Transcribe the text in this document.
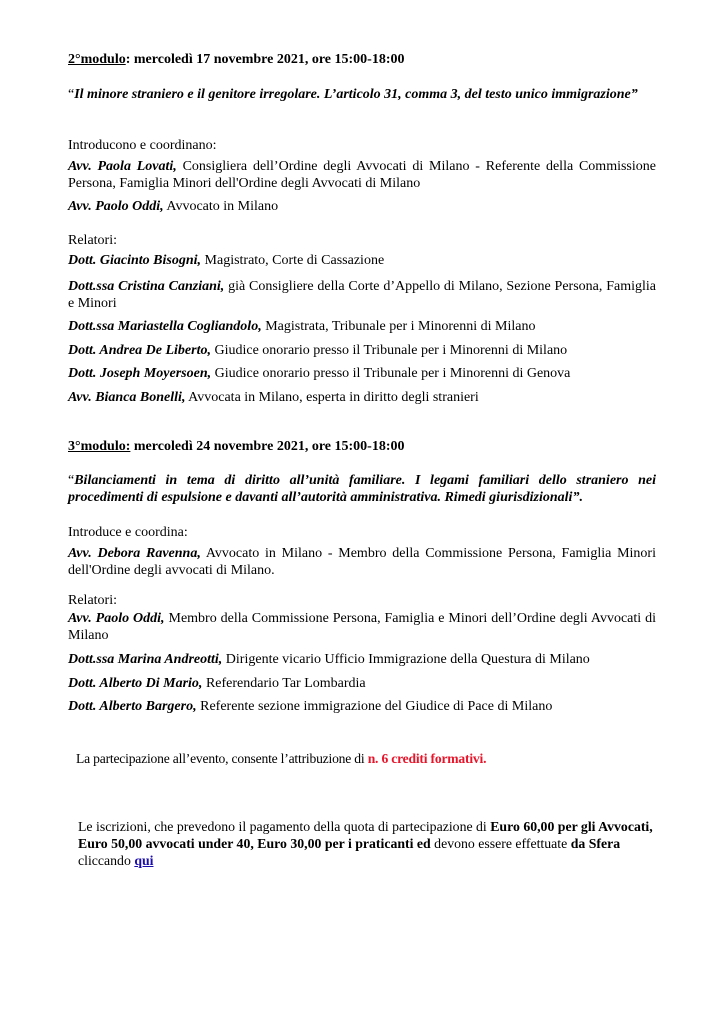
2°modulo: mercoledì 17 novembre 2021, ore 15:00-18:00
“Il minore straniero e il genitore irregolare. L’articolo 31, comma 3, del testo unico immigrazione”
Introducono e coordinano:
Avv. Paola Lovati, Consigliera dell’Ordine degli Avvocati di Milano - Referente della Commissione Persona, Famiglia Minori dell'Ordine degli Avvocati di Milano
Avv. Paolo Oddi, Avvocato in Milano
Relatori:
Dott. Giacinto Bisogni, Magistrato, Corte di Cassazione
Dott.ssa Cristina Canziani, già Consigliere della Corte d’Appello di Milano, Sezione Persona, Famiglia e Minori
Dott.ssa Mariastella Cogliandolo, Magistrata, Tribunale per i Minorenni di Milano
Dott. Andrea De Liberto, Giudice onorario presso il Tribunale per i Minorenni di Milano
Dott. Joseph Moyersoen, Giudice onorario presso il Tribunale per i Minorenni di Genova
Avv. Bianca Bonelli, Avvocata in Milano, esperta in diritto degli stranieri
3°modulo: mercoledì 24 novembre 2021, ore 15:00-18:00
“Bilanciamenti in tema di diritto all’unità familiare. I legami familiari dello straniero nei procedimenti di espulsione e davanti all’autorità amministrativa. Rimedi giurisdizionali”.
Introduce e coordina:
Avv. Debora Ravenna, Avvocato in Milano - Membro della Commissione Persona, Famiglia Minori dell'Ordine degli avvocati di Milano.
Relatori:
Avv. Paolo Oddi, Membro della Commissione Persona, Famiglia e Minori dell’Ordine degli Avvocati di Milano
Dott.ssa Marina Andreotti, Dirigente vicario Ufficio Immigrazione della Questura di Milano
Dott. Alberto Di Mario, Referendario Tar Lombardia
Dott. Alberto Bargero, Referente sezione immigrazione del Giudice di Pace di Milano
La partecipazione all’evento, consente l’attribuzione di n. 6 crediti formativi.
Le iscrizioni, che prevedono il pagamento della quota di partecipazione di Euro 60,00 per gli Avvocati, Euro 50,00 avvocati under 40, Euro 30,00 per i praticanti ed devono essere effettuate da Sfera cliccando qui
